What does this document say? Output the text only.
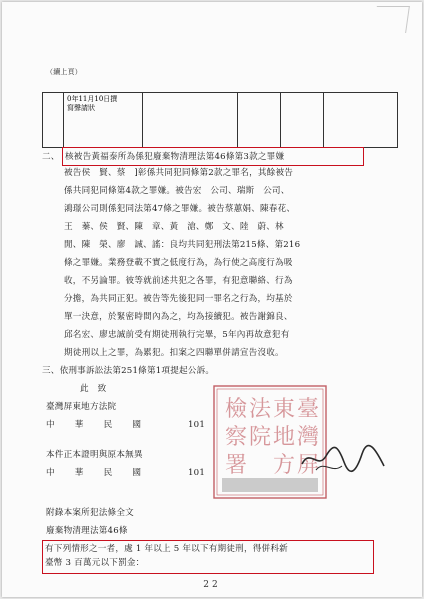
（續上頁）

0年11月10日撰
寫聲請狀

二、 核被告黃福泰所為係犯廢棄物清理法第46條第3款之罪嫌
被告侯　賢、蔡　]彰係共同犯同條第2款之罪名，其餘被告
係共同犯同條第4款之罪嫌。被告宏　公司、瑞斯　公司、
鴻璟公司則係犯同法第47條之罪嫌。被告蔡蕙娟、陳春花、
王　蓁、侯　賢、陳　章、黃　滄、鄭　文、陸　蔚、林
閒、陳　榮、廖　誠、謠：良均共同犯刑法第215條、第216
條之罪嫌。業務登載不實之低度行為，為行使之高度行為吸
收，不另論罪。彼等就前述共犯之各罪，有犯意聯絡、行為
分擔，為共同正犯。被告等先後犯同一罪名之行為，均基於
單一決意，於緊密時間內為之，均為接續犯。被告謝錦良、
邱名宏、廖忠誠前受有期徒刑執行完畢，5年內再故意犯有
期徒刑以上之罪，為累犯。扣案之四聯單併請宣告沒收。
三、依刑事訴訟法第251條第1項提起公訴。
此　致
臺灣屏東地方法院
中　　華　　民　　國	101
本件正本證明與原本無異
中　　華　　民　　國	101
臺
灣
屏
東
地
方
法
院
檢
察
署
附錄本案所犯法條全文
廢棄物清理法第46條
有下列情形之一者，處 1 年以上 5 年以下有期徒刑，得併科新
臺幣 3 百萬元以下罰金：
22
